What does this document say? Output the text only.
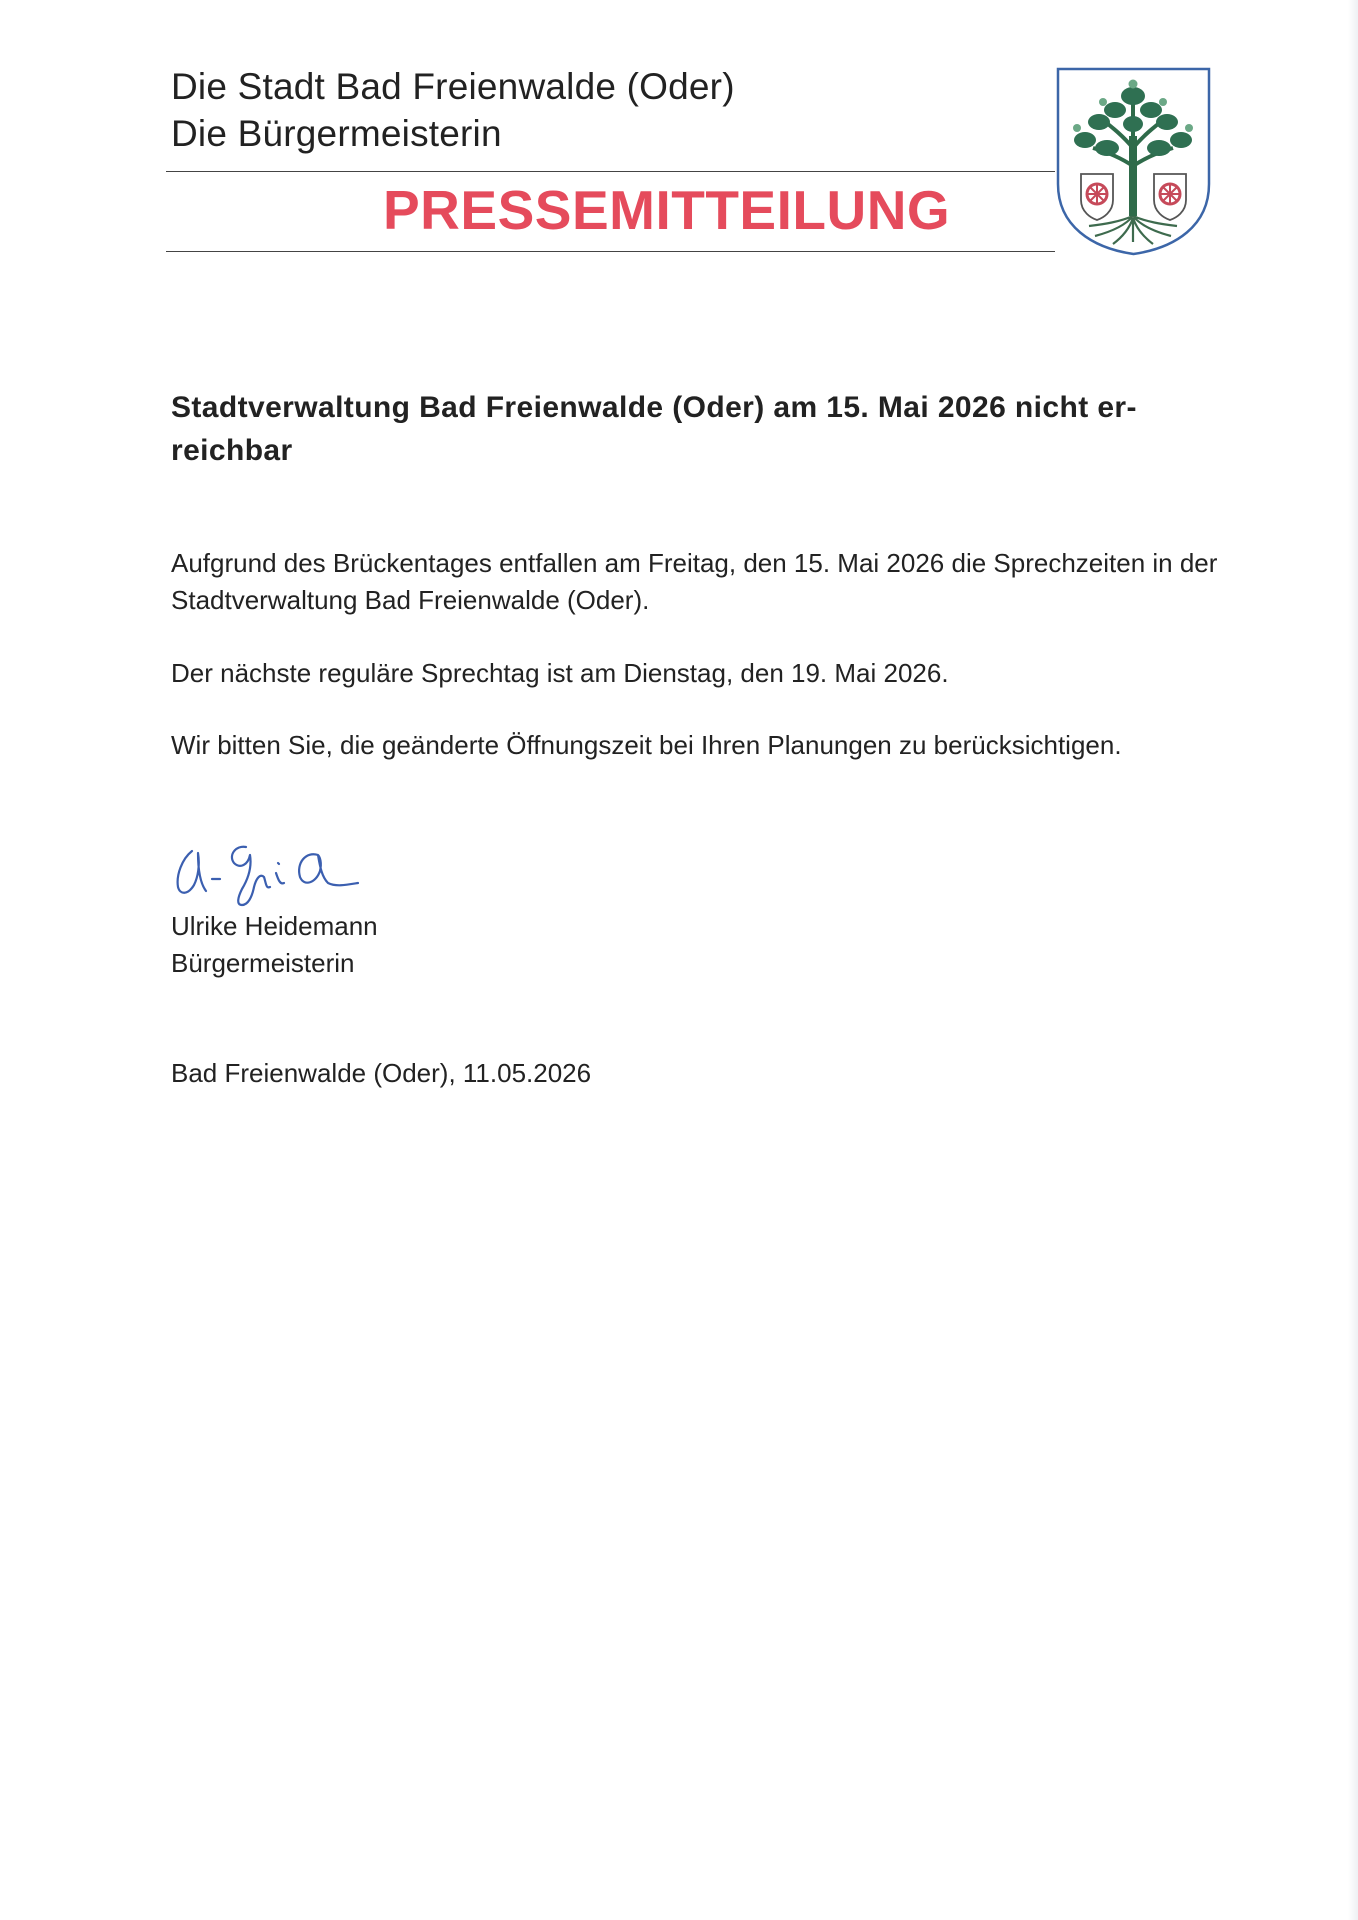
Die Stadt Bad Freienwalde (Oder)
Die Bürgermeisterin
PRESSEMITTEILUNG
Stadtverwaltung Bad Freienwalde (Oder) am 15. Mai 2026 nicht er-reichbar
Aufgrund des Brückentages entfallen am Freitag, den 15. Mai 2026 die Sprechzeiten in der Stadtverwaltung Bad Freienwalde (Oder).
Der nächste reguläre Sprechtag ist am Dienstag, den 19. Mai 2026.
Wir bitten Sie, die geänderte Öffnungszeit bei Ihren Planungen zu berücksichtigen.
Ulrike Heidemann
Bürgermeisterin
Bad Freienwalde (Oder), 11.05.2026
